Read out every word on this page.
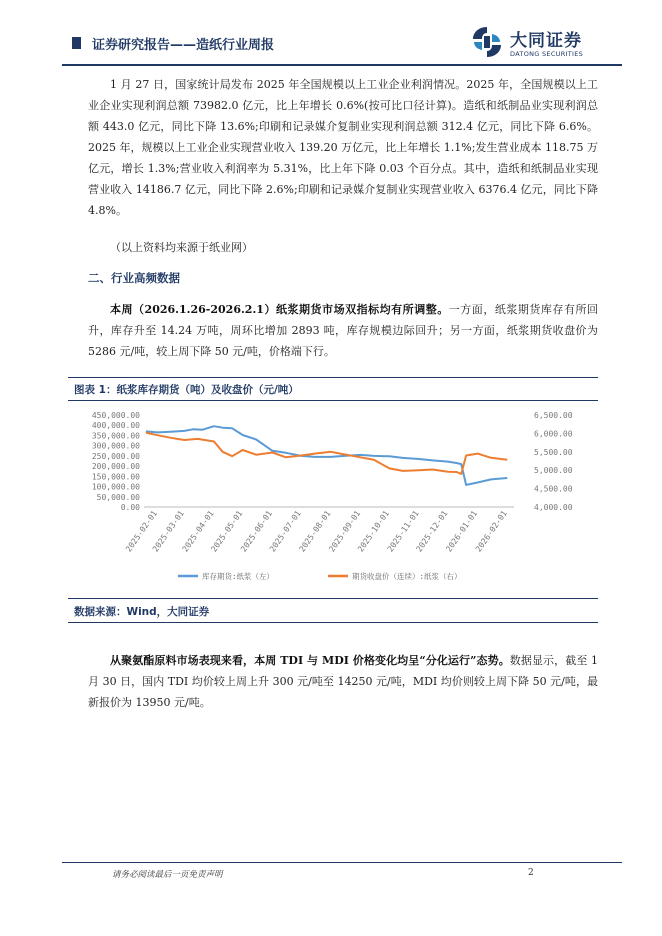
证券研究报告——造纸行业周报	大同证券
DATONG SECURITIES
1 月 27 日，国家统计局发布 2025 年全国规模以上工业企业利润情况。2025 年，全国规模以上工业企业实现利润总额 73982.0 亿元，比上年增长 0.6%(按可比口径计算)。造纸和纸制品业实现利润总额 443.0 亿元，同比下降 13.6%;印刷和记录媒介复制业实现利润总额 312.4 亿元，同比下降 6.6%。2025 年，规模以上工业企业实现营业收入 139.20 万亿元，比上年增长 1.1%;发生营业成本 118.75 万亿元，增长 1.3%;营业收入利润率为 5.31%，比上年下降 0.03 个百分点。其中，造纸和纸制品业实现营业收入 14186.7 亿元，同比下降 2.6%;印刷和记录媒介复制业实现营业收入 6376.4 亿元，同比下降 4.8%。
（以上资料均来源于纸业网）
二、行业高频数据
本周（2026.1.26-2026.2.1）纸浆期货市场双指标均有所调整。一方面，纸浆期货库存有所回升，库存升至 14.24 万吨，周环比增加 2893 吨，库存规模边际回升；另一方面，纸浆期货收盘价为 5286 元/吨，较上周下降 50 元/吨，价格端下行。
图表 1：纸浆库存期货（吨）及收盘价（元/吨）
0.00
50,000.00
100,000.00
150,000.00
200,000.00
250,000.00
300,000.00
350,000.00
400,000.00
450,000.00
4,000.00
4,500.00
5,000.00
5,500.00
6,000.00
6,500.00
2025-02-01
2025-03-01
2025-04-01
2025-05-01
2025-06-01
2025-07-01
2025-08-01
2025-09-01
2025-10-01
2025-11-01
2025-12-01
2026-01-01
2026-02-01
库存期货:纸浆（左）	期货收盘价（连续）:纸浆（右）
数据来源：Wind，大同证券
从聚氨酯原料市场表现来看，本周 TDI 与 MDI 价格变化均呈“分化运行”态势。数据显示，截至 1 月 30 日，国内 TDI 均价较上周上升 300 元/吨至 14250 元/吨，MDI 均价则较上周下降 50 元/吨，最新报价为 13950 元/吨。
请务必阅读最后一页免责声明	2
